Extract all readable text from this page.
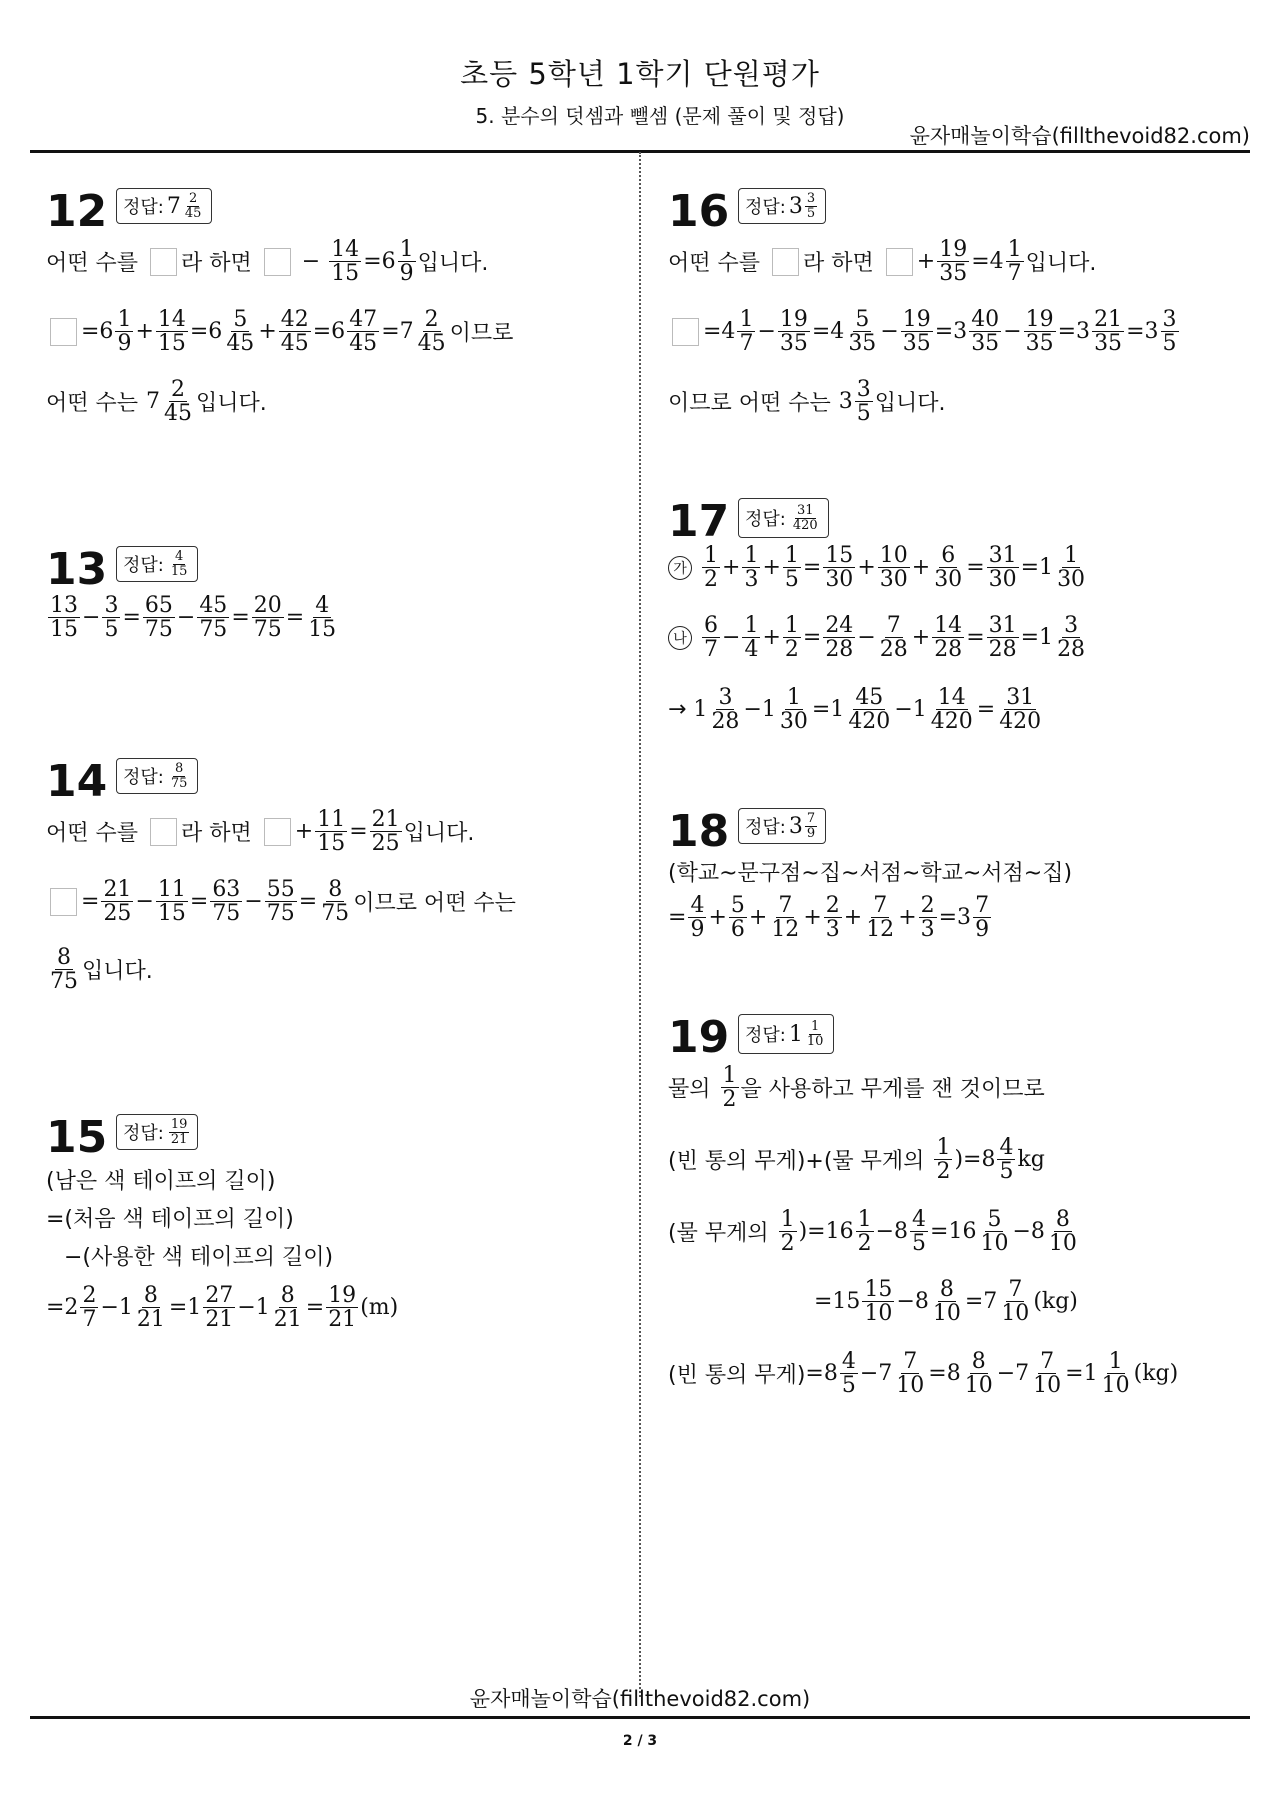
초등 5학년 1학기 단원평가
5. 분수의 덧셈과 뺄셈 (문제 풀이 및 정답)
윤자매놀이학습(fillthevoid82.com)
12 정답: $7 \frac{2}{45}$
어떤 수를 라 하면 − $\frac{14}{15} =6 \frac{1}{9}$ 입니다.
$=6 \frac{1}{9} + \frac{14}{15} =6 \frac{5}{45} + \frac{42}{45} =6 \frac{47}{45} =7 \frac{2}{45}$ 이므로
어떤 수는 $7 \frac{2}{45}$ 입니다.
13 정답: $\frac{4}{15}$
$\frac{13}{15} - \frac{3}{5} = \frac{65}{75} - \frac{45}{75} = \frac{20}{75} = \frac{4}{15}$
14 정답: $\frac{8}{75}$
어떤 수를 라 하면 + $\frac{11}{15} = \frac{21}{25}$ 입니다.
= $\frac{21}{25} - \frac{11}{15} = \frac{63}{75} - \frac{55}{75} = \frac{8}{75}$ 이므로 어떤 수는
$\frac{8}{75}$ 입니다.
15 정답: $\frac{19}{21}$
(남은 색 테이프의 길이)
=(처음 색 테이프의 길이)
−(사용한 색 테이프의 길이)
$=2 \frac{2}{7} -1 \frac{8}{21} =1 \frac{27}{21} -1 \frac{8}{21} = \frac{19}{21} (m)$
16 정답: $3 \frac{3}{5}$
어떤 수를 라 하면 + $\frac{19}{35} =4 \frac{1}{7}$ 입니다.
$=4 \frac{1}{7} - \frac{19}{35} =4 \frac{5}{35} - \frac{19}{35} =3 \frac{40}{35} - \frac{19}{35} =3 \frac{21}{35} =3 \frac{3}{5}$
이므로 어떤 수는 $3 \frac{3}{5}$ 입니다.
17 정답: $\frac{31}{420}$
가 $\frac{1}{2} + \frac{1}{3} + \frac{1}{5} = \frac{15}{30} + \frac{10}{30} + \frac{6}{30} = \frac{31}{30} =1 \frac{1}{30}$
나 $\frac{6}{7} - \frac{1}{4} + \frac{1}{2} = \frac{24}{28} - \frac{7}{28} + \frac{14}{28} = \frac{31}{28} =1 \frac{3}{28}$
→ $1 \frac{3}{28} -1 \frac{1}{30} =1 \frac{45}{420} -1 \frac{14}{420} = \frac{31}{420}$
18 정답: $3 \frac{7}{9}$
(학교~문구점~집~서점~학교~서점~집)
= $\frac{4}{9} + \frac{5}{6} + \frac{7}{12} + \frac{2}{3} + \frac{7}{12} + \frac{2}{3} =3 \frac{7}{9}$
19 정답: $1 \frac{1}{10}$
물의 $\frac{1}{2}$ 을 사용하고 무게를 잰 것이므로
(빈 통의 무게)+(물 무게의 $\frac{1}{2} )=8 \frac{4}{5}$ kg
(물 무게의 $\frac{1}{2} )=16 \frac{1}{2} -8 \frac{4}{5} =16 \frac{5}{10} -8 \frac{8}{10}$
$=15 \frac{15}{10} -8 \frac{8}{10} =7 \frac{7}{10} (kg)$
(빈 통의 무게) $=8 \frac{4}{5} -7 \frac{7}{10} =8 \frac{8}{10} -7 \frac{7}{10} =1 \frac{1}{10} (kg)$
윤자매놀이학습(fillthevoid82.com)
2 / 3
